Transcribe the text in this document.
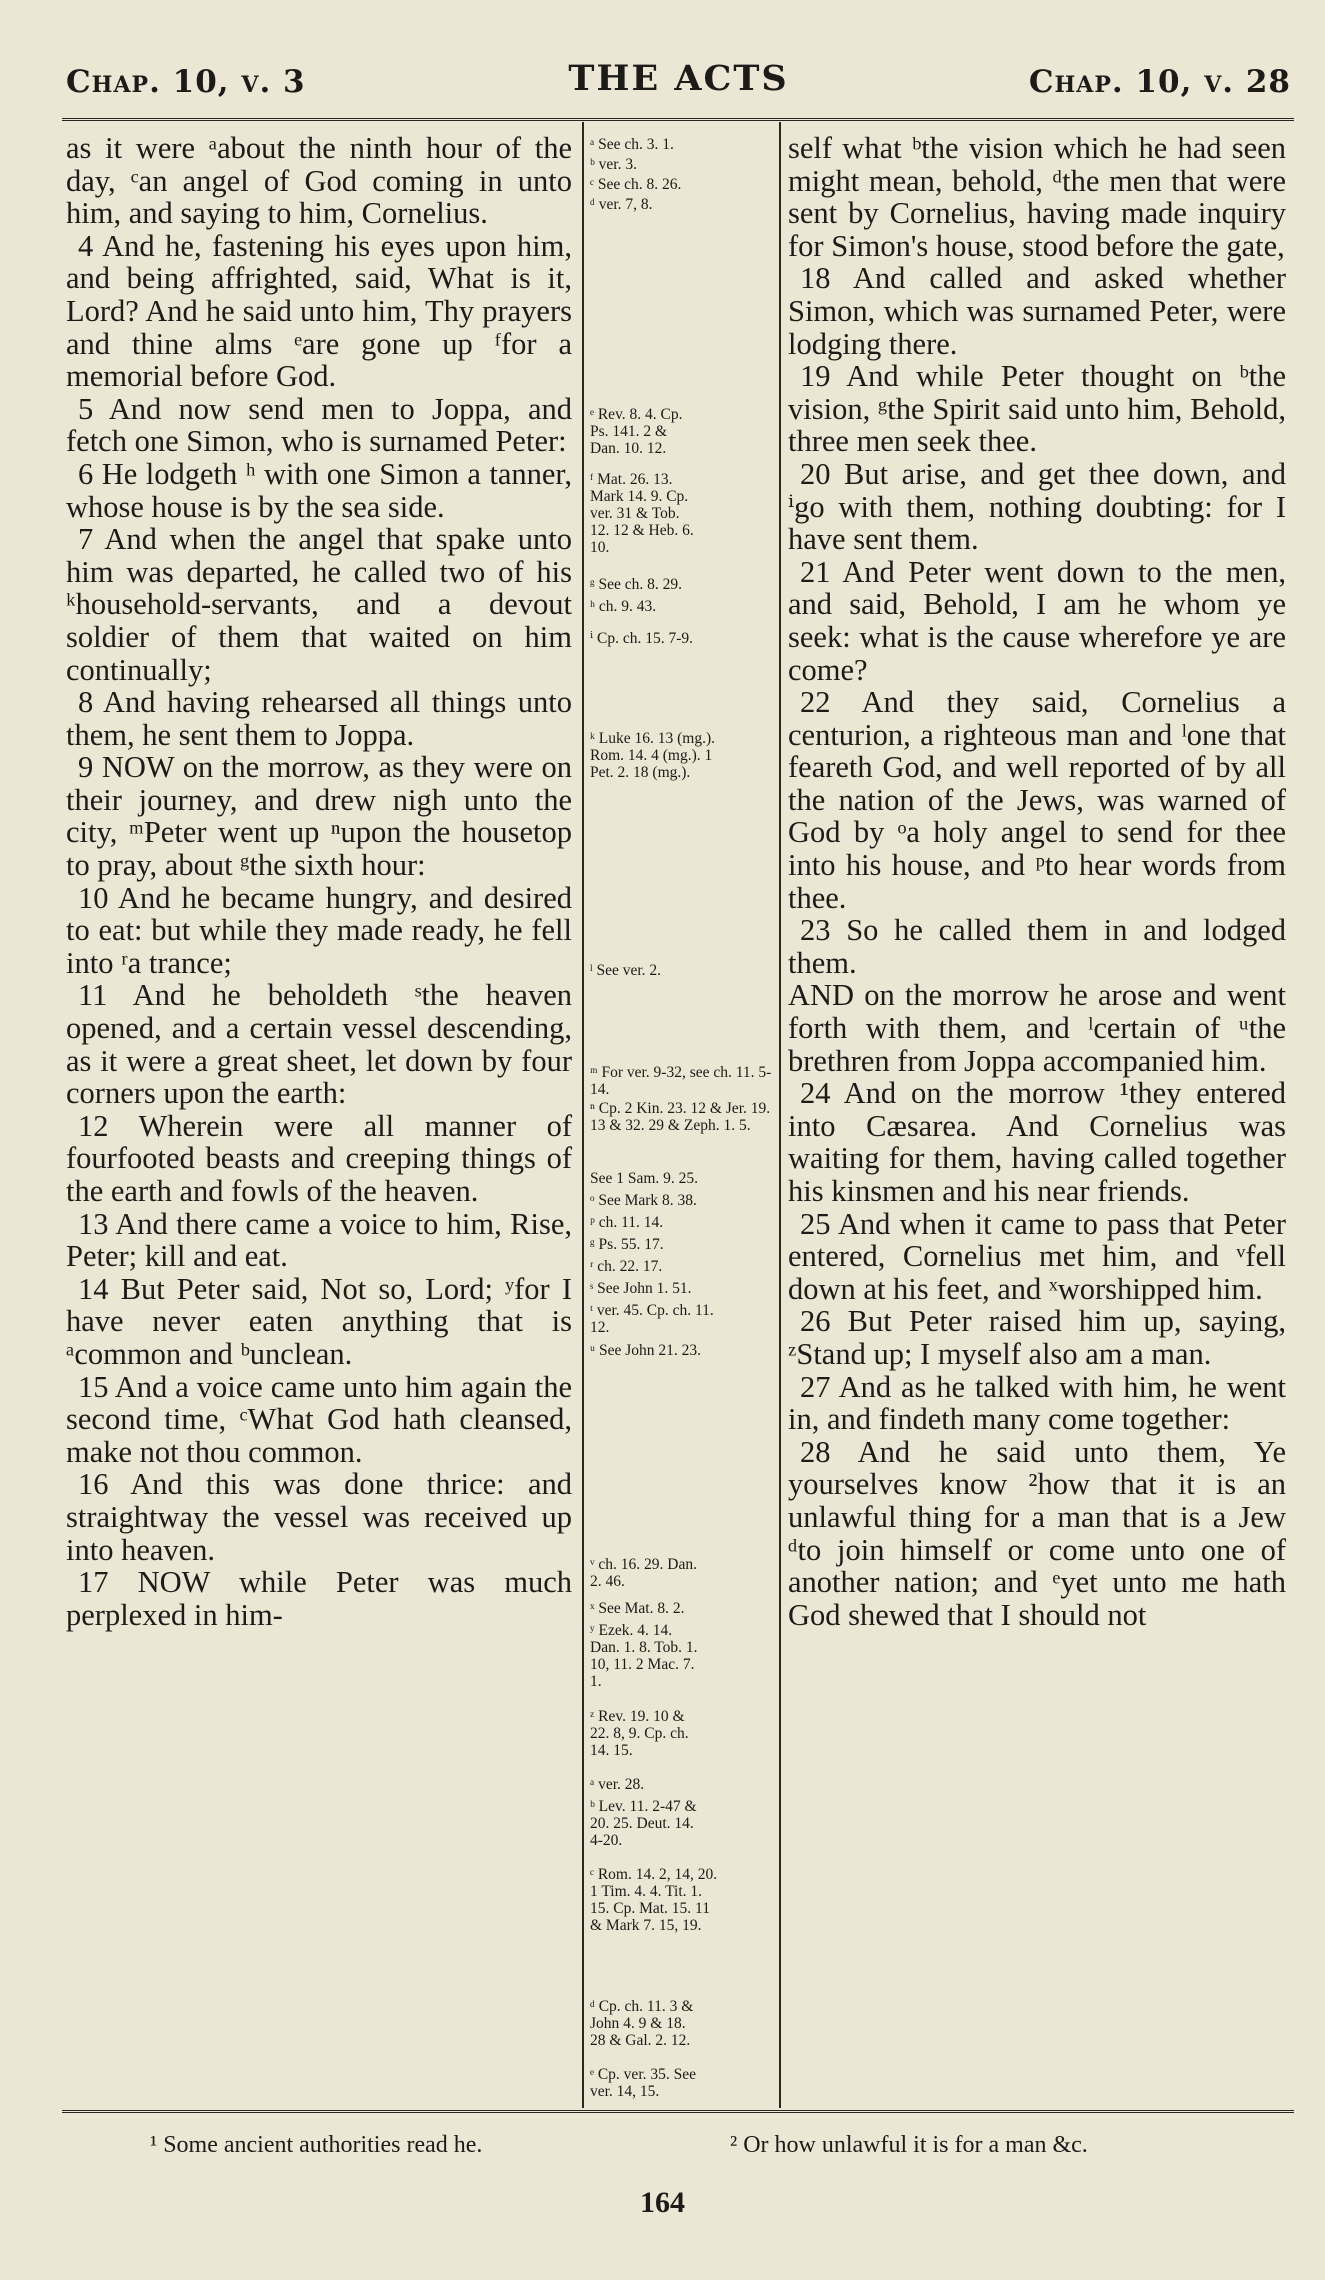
Chap. 10, v. 3	THE ACTS	Chap. 10, v. 28

as it were ᵃabout the ninth hour of the day, ᶜan angel of God coming in unto him, and saying to him, Cornelius.

4 And he, fastening his eyes upon him, and being affrighted, said, What is it, Lord? And he said unto him, Thy prayers and thine alms ᵉare gone up ᶠfor a memorial before God.

5 And now send men to Joppa, and fetch one Simon, who is surnamed Peter:

6 He lodgeth ʰ with one Simon a tanner, whose house is by the sea side.

7 And when the angel that spake unto him was departed, he called two of his ᵏhousehold-servants, and a devout soldier of them that waited on him continually;

8 And having rehearsed all things unto them, he sent them to Joppa.

9 NOW on the morrow, as they were on their journey, and drew nigh unto the city, ᵐPeter went up ⁿupon the housetop to pray, about ᵍthe sixth hour:

10 And he became hungry, and desired to eat: but while they made ready, he fell into ʳa trance;

11 And he beholdeth ˢthe heaven opened, and a certain vessel descending, as it were a great sheet, let down by four corners upon the earth:

12 Wherein were all manner of fourfooted beasts and creeping things of the earth and fowls of the heaven.

13 And there came a voice to him, Rise, Peter; kill and eat.

14 But Peter said, Not so, Lord; ʸfor I have never eaten anything that is ᵃcommon and ᵇunclean.

15 And a voice came unto him again the second time, ᶜWhat God hath cleansed, make not thou common.

16 And this was done thrice: and straightway the vessel was received up into heaven.

17 NOW while Peter was much perplexed in him-

ᵃ See ch. 3. 1.
ᵇ ver. 3.
ᶜ See ch. 8. 26.
ᵈ ver. 7, 8.
ᵉ Rev. 8. 4. Cp. Ps. 141. 2 & Dan. 10. 12.
ᶠ Mat. 26. 13. Mark 14. 9. Cp. ver. 31 & Tob. 12. 12 & Heb. 6. 10.
ᵍ See ch. 8. 29.
ʰ ch. 9. 43.
ⁱ Cp. ch. 15. 7-9.
ᵏ Luke 16. 13 (mg.). Rom. 14. 4 (mg.). 1 Pet. 2. 18 (mg.).
ˡ See ver. 2.
ᵐ For ver. 9-32, see ch. 11. 5-14.
ⁿ Cp. 2 Kin. 23. 12 & Jer. 19. 13 & 32. 29 & Zeph. 1. 5.
See 1 Sam. 9. 25.
ᵒ See Mark 8. 38.
ᵖ ch. 11. 14.
ᵍ Ps. 55. 17.
ʳ ch. 22. 17.
ˢ See John 1. 51.
ᵗ ver. 45. Cp. ch. 11. 12.
ᵘ See John 21. 23.
ᵛ ch. 16. 29. Dan. 2. 46.
ˣ See Mat. 8. 2.
ʸ Ezek. 4. 14. Dan. 1. 8. Tob. 1. 10, 11. 2 Mac. 7. 1.
ᶻ Rev. 19. 10 & 22. 8, 9. Cp. ch. 14. 15.
ᵃ ver. 28.
ᵇ Lev. 11. 2-47 & 20. 25. Deut. 14. 4-20.
ᶜ Rom. 14. 2, 14, 20. 1 Tim. 4. 4. Tit. 1. 15. Cp. Mat. 15. 11 & Mark 7. 15, 19.
ᵈ Cp. ch. 11. 3 & John 4. 9 & 18. 28 & Gal. 2. 12.
ᵉ Cp. ver. 35. See ver. 14, 15.

self what ᵇthe vision which he had seen might mean, behold, ᵈthe men that were sent by Cornelius, having made inquiry for Simon's house, stood before the gate,

18 And called and asked whether Simon, which was surnamed Peter, were lodging there.

19 And while Peter thought on ᵇthe vision, ᵍthe Spirit said unto him, Behold, three men seek thee.

20 But arise, and get thee down, and ⁱgo with them, nothing doubting: for I have sent them.

21 And Peter went down to the men, and said, Behold, I am he whom ye seek: what is the cause wherefore ye are come?

22 And they said, Cornelius a centurion, a righteous man and ˡone that feareth God, and well reported of by all the nation of the Jews, was warned of God by ᵒa holy angel to send for thee into his house, and ᵖto hear words from thee.

23 So he called them in and lodged them.

AND on the morrow he arose and went forth with them, and ˡcertain of ᵘthe brethren from Joppa accompanied him.

24 And on the morrow ¹they entered into Cæsarea. And Cornelius was waiting for them, having called together his kinsmen and his near friends.

25 And when it came to pass that Peter entered, Cornelius met him, and ᵛfell down at his feet, and ˣworshipped him.

26 But Peter raised him up, saying, ᶻStand up; I myself also am a man.

27 And as he talked with him, he went in, and findeth many come together:

28 And he said unto them, Ye yourselves know ²how that it is an unlawful thing for a man that is a Jew ᵈto join himself or come unto one of another nation; and ᵉyet unto me hath God shewed that I should not

¹ Some ancient authorities read he.	² Or how unlawful it is for a man &c.
164
